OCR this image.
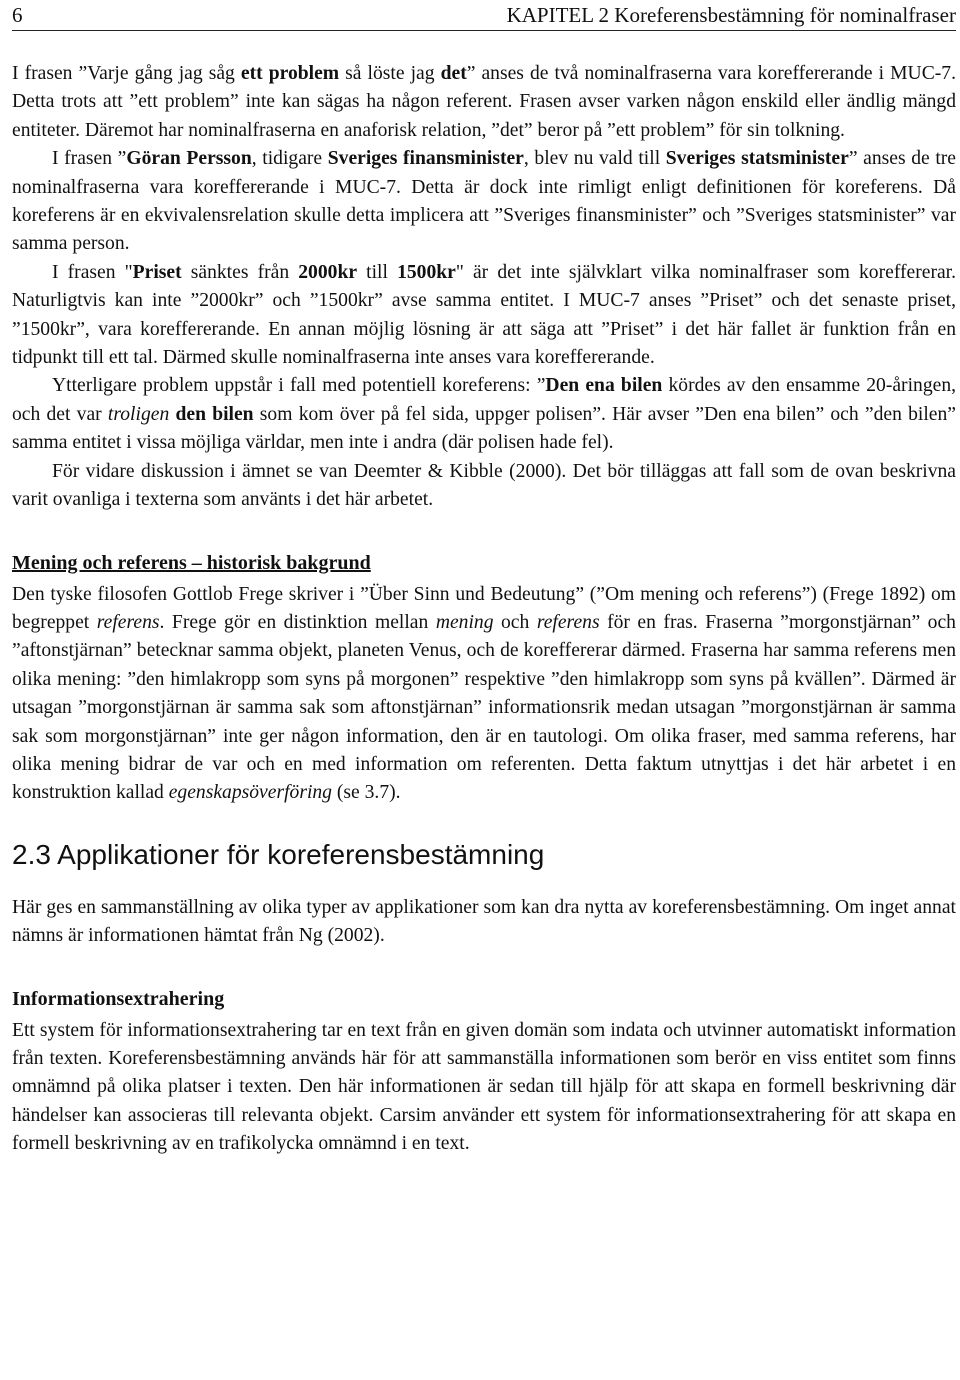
6	KAPITEL 2 Koreferensbestämning för nominalfraser

I frasen ”Varje gång jag såg ett problem så löste jag det” anses de två nominalfraserna vara koreffererande i MUC-7. Detta trots att ”ett problem” inte kan sägas ha någon referent. Frasen avser varken någon enskild eller ändlig mängd entiteter. Däremot har nominalfraserna en anaforisk relation, ”det” beror på ”ett problem” för sin tolkning.

I frasen ”Göran Persson, tidigare Sveriges finansminister, blev nu vald till Sveriges statsminister” anses de tre nominalfraserna vara koreffererande i MUC-7. Detta är dock inte rimligt enligt definitionen för koreferens. Då koreferens är en ekvivalensrelation skulle detta implicera att ”Sveriges finansminister” och ”Sveriges statsminister” var samma person.

I frasen "Priset sänktes från 2000kr till 1500kr" är det inte självklart vilka nominalfraser som koreffererar. Naturligtvis kan inte ”2000kr” och ”1500kr” avse samma entitet. I MUC-7 anses ”Priset” och det senaste priset, ”1500kr”, vara koreffererande. En annan möjlig lösning är att säga att ”Priset” i det här fallet är funktion från en tidpunkt till ett tal. Därmed skulle nominalfraserna inte anses vara koreffererande.

Ytterligare problem uppstår i fall med potentiell koreferens: ”Den ena bilen kördes av den ensamme 20-åringen, och det var troligen den bilen som kom över på fel sida, uppger polisen”. Här avser ”Den ena bilen” och ”den bilen” samma entitet i vissa möjliga världar, men inte i andra (där polisen hade fel).

För vidare diskussion i ämnet se van Deemter & Kibble (2000). Det bör tilläggas att fall som de ovan beskrivna varit ovanliga i texterna som använts i det här arbetet.

Mening och referens – historisk bakgrund

Den tyske filosofen Gottlob Frege skriver i ”Über Sinn und Bedeutung” (”Om mening och referens”) (Frege 1892) om begreppet referens. Frege gör en distinktion mellan mening och referens för en fras. Fraserna ”morgonstjärnan” och ”aftonstjärnan” betecknar samma objekt, planeten Venus, och de koreffererar därmed. Fraserna har samma referens men olika mening: ”den himlakropp som syns på morgonen” respektive ”den himlakropp som syns på kvällen”. Därmed är utsagan ”morgonstjärnan är samma sak som aftonstjärnan” informationsrik medan utsagan ”morgonstjärnan är samma sak som morgonstjärnan” inte ger någon information, den är en tautologi. Om olika fraser, med samma referens, har olika mening bidrar de var och en med information om referenten. Detta faktum utnyttjas i det här arbetet i en konstruktion kallad egenskapsöverföring (se 3.7).

2.3 Applikationer för koreferensbestämning

Här ges en sammanställning av olika typer av applikationer som kan dra nytta av koreferensbestämning. Om inget annat nämns är informationen hämtat från Ng (2002).

Informationsextrahering

Ett system för informationsextrahering tar en text från en given domän som indata och utvinner automatiskt information från texten. Koreferensbestämning används här för att sammanställa informationen som berör en viss entitet som finns omnämnd på olika platser i texten. Den här informationen är sedan till hjälp för att skapa en formell beskrivning där händelser kan associeras till relevanta objekt. Carsim använder ett system för informationsextrahering för att skapa en formell beskrivning av en trafikolycka omnämnd i en text.
